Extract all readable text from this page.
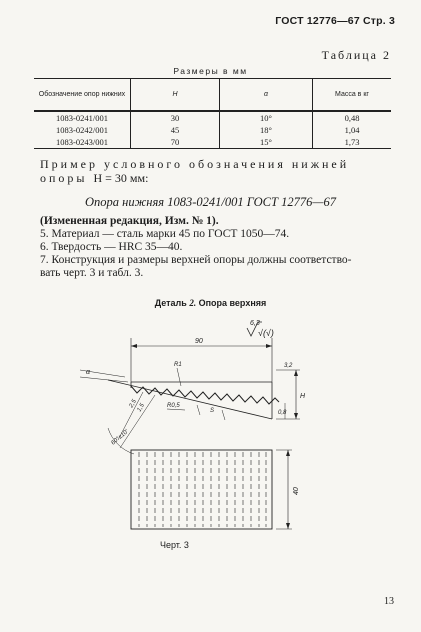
ГОСТ 12776—67 Стр. 3
Таблица 2
Размеры в мм
Обозначение опор нижних	H	α	Масса в кг
1083-0241/001	30	10°	0,48
1083-0242/001	45	18°	1,04
1083-0243/001	70	15°	1,73
Пример условного обозначения нижней опоры H = 30 мм:
Опора нижняя 1083-0241/001 ГОСТ 12776—67
(Измененная редакция, Изм. № 1).
5. Материал — сталь марки 45 по ГОСТ 1050—74.
6. Твердость — HRC 35—40.
7. Конструкция и размеры верхней опоры должны соответство-
вать черт. 3 и табл. 3.
Деталь 2. Опора верхняя
6,3
√(√)
90
R1	3,2
H
0,8
S
R0,5
α
60°±10'
2,5
1,5
40
Черт. 3
13
